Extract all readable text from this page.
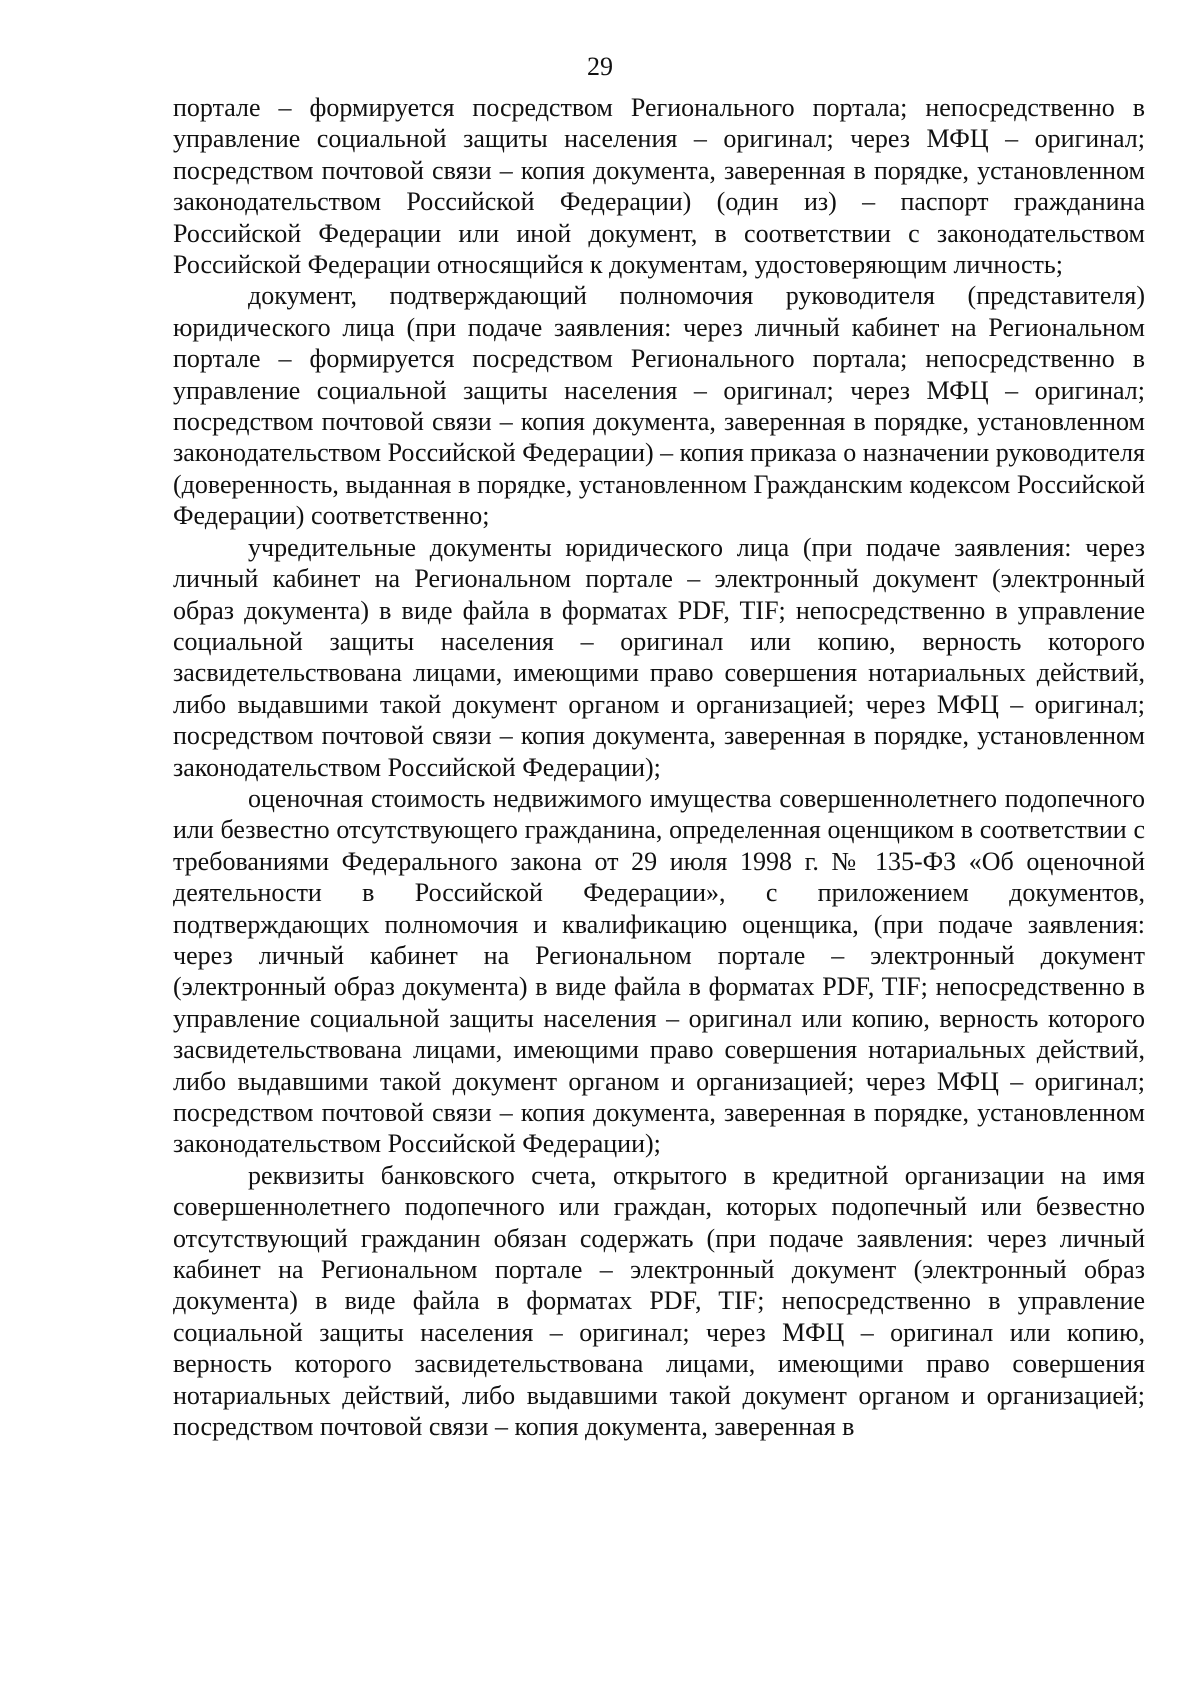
29

портале – формируется посредством Регионального портала; непосредственно в управление социальной защиты населения – оригинал; через МФЦ – оригинал; посредством почтовой связи – копия документа, заверенная в порядке, установленном законодательством Российской Федерации) (один из) – паспорт гражданина Российской Федерации или иной документ, в соответствии с законодательством Российской Федерации относящийся к документам, удостоверяющим личность;

документ, подтверждающий полномочия руководителя (представителя) юридического лица (при подаче заявления: через личный кабинет на Региональном портале – формируется посредством Регионального портала; непосредственно в управление социальной защиты населения – оригинал; через МФЦ – оригинал; посредством почтовой связи – копия документа, заверенная в порядке, установленном законодательством Российской Федерации) – копия приказа о назначении руководителя (доверенность, выданная в порядке, установленном Гражданским кодексом Российской Федерации) соответственно;

учредительные документы юридического лица (при подаче заявления: через личный кабинет на Региональном портале – электронный документ (электронный образ документа) в виде файла в форматах PDF, TIF; непосредственно в управление социальной защиты населения – оригинал или копию, верность которого засвидетельствована лицами, имеющими право совершения нотариальных действий, либо выдавшими такой документ органом и организацией; через МФЦ – оригинал; посредством почтовой связи – копия документа, заверенная в порядке, установленном законодательством Российской Федерации);

оценочная стоимость недвижимого имущества совершеннолетнего подопечного или безвестно отсутствующего гражданина, определенная оценщиком в соответствии с требованиями Федерального закона от 29 июля 1998 г. № 135-ФЗ «Об оценочной деятельности в Российской Федерации», с приложением документов, подтверждающих полномочия и квалификацию оценщика, (при подаче заявления: через личный кабинет на Региональном портале – электронный документ (электронный образ документа) в виде файла в форматах PDF, TIF; непосредственно в управление социальной защиты населения – оригинал или копию, верность которого засвидетельствована лицами, имеющими право совершения нотариальных действий, либо выдавшими такой документ органом и организацией; через МФЦ – оригинал; посредством почтовой связи – копия документа, заверенная в порядке, установленном законодательством Российской Федерации);

реквизиты банковского счета, открытого в кредитной организации на имя совершеннолетнего подопечного или граждан, которых подопечный или безвестно отсутствующий гражданин обязан содержать (при подаче заявления: через личный кабинет на Региональном портале – электронный документ (электронный образ документа) в виде файла в форматах PDF, TIF; непосредственно в управление социальной защиты населения – оригинал; через МФЦ – оригинал или копию, верность которого засвидетельствована лицами, имеющими право совершения нотариальных действий, либо выдавшими такой документ органом и организацией; посредством почтовой связи – копия документа, заверенная в
